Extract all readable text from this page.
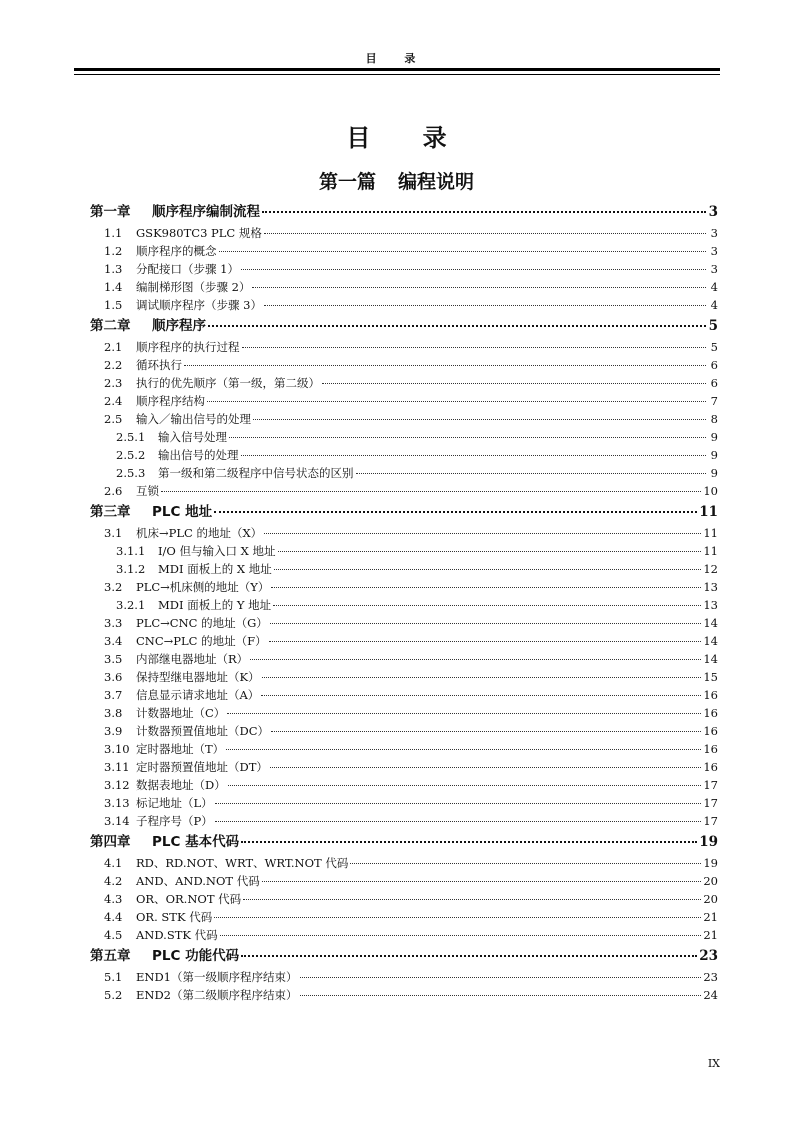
目 录
目 录
第一篇 编程说明
第一章	顺序程序编制流程	3
1.1	GSK980TC3 PLC 规格	3
1.2	顺序程序的概念	3
1.3	分配接口（步骤 1）	3
1.4	编制梯形图（步骤 2）	4
1.5	调试顺序程序（步骤 3）	4
第二章	顺序程序	5
2.1	顺序程序的执行过程	5
2.2	循环执行	6
2.3	执行的优先顺序（第一级，第二级）	6
2.4	顺序程序结构	7
2.5	输入／输出信号的处理	8
2.5.1	输入信号处理	9
2.5.2	输出信号的处理	9
2.5.3	第一级和第二级程序中信号状态的区别	9
2.6	互锁	10
第三章	PLC 地址	11
3.1	机床→PLC 的地址（X）	11
3.1.1	I/O 但与输入口 X 地址	11
3.1.2	MDI 面板上的 X 地址	12
3.2	PLC→机床侧的地址（Y）	13
3.2.1	MDI 面板上的 Y 地址	13
3.3	PLC→CNC 的地址（G）	14
3.4	CNC→PLC 的地址（F）	14
3.5	内部继电器地址（R）	14
3.6	保持型继电器地址（K）	15
3.7	信息显示请求地址（A）	16
3.8	计数器地址（C）	16
3.9	计数器预置值地址（DC）	16
3.10 定时器地址（T）	16
3.11 定时器预置值地址（DT）	16
3.12 数据表地址（D）	17
3.13 标记地址（L）	17
3.14 子程序号（P）	17
第四章	PLC 基本代码	19
4.1	RD、RD.NOT、WRT、WRT.NOT 代码	19
4.2	AND、AND.NOT 代码	20
4.3	OR、OR.NOT 代码	20
4.4	OR. STK 代码	21
4.5	AND.STK 代码	21
第五章	PLC 功能代码	23
5.1	END1（第一级顺序程序结束）	23
5.2	END2（第二级顺序程序结束）	24
IX
